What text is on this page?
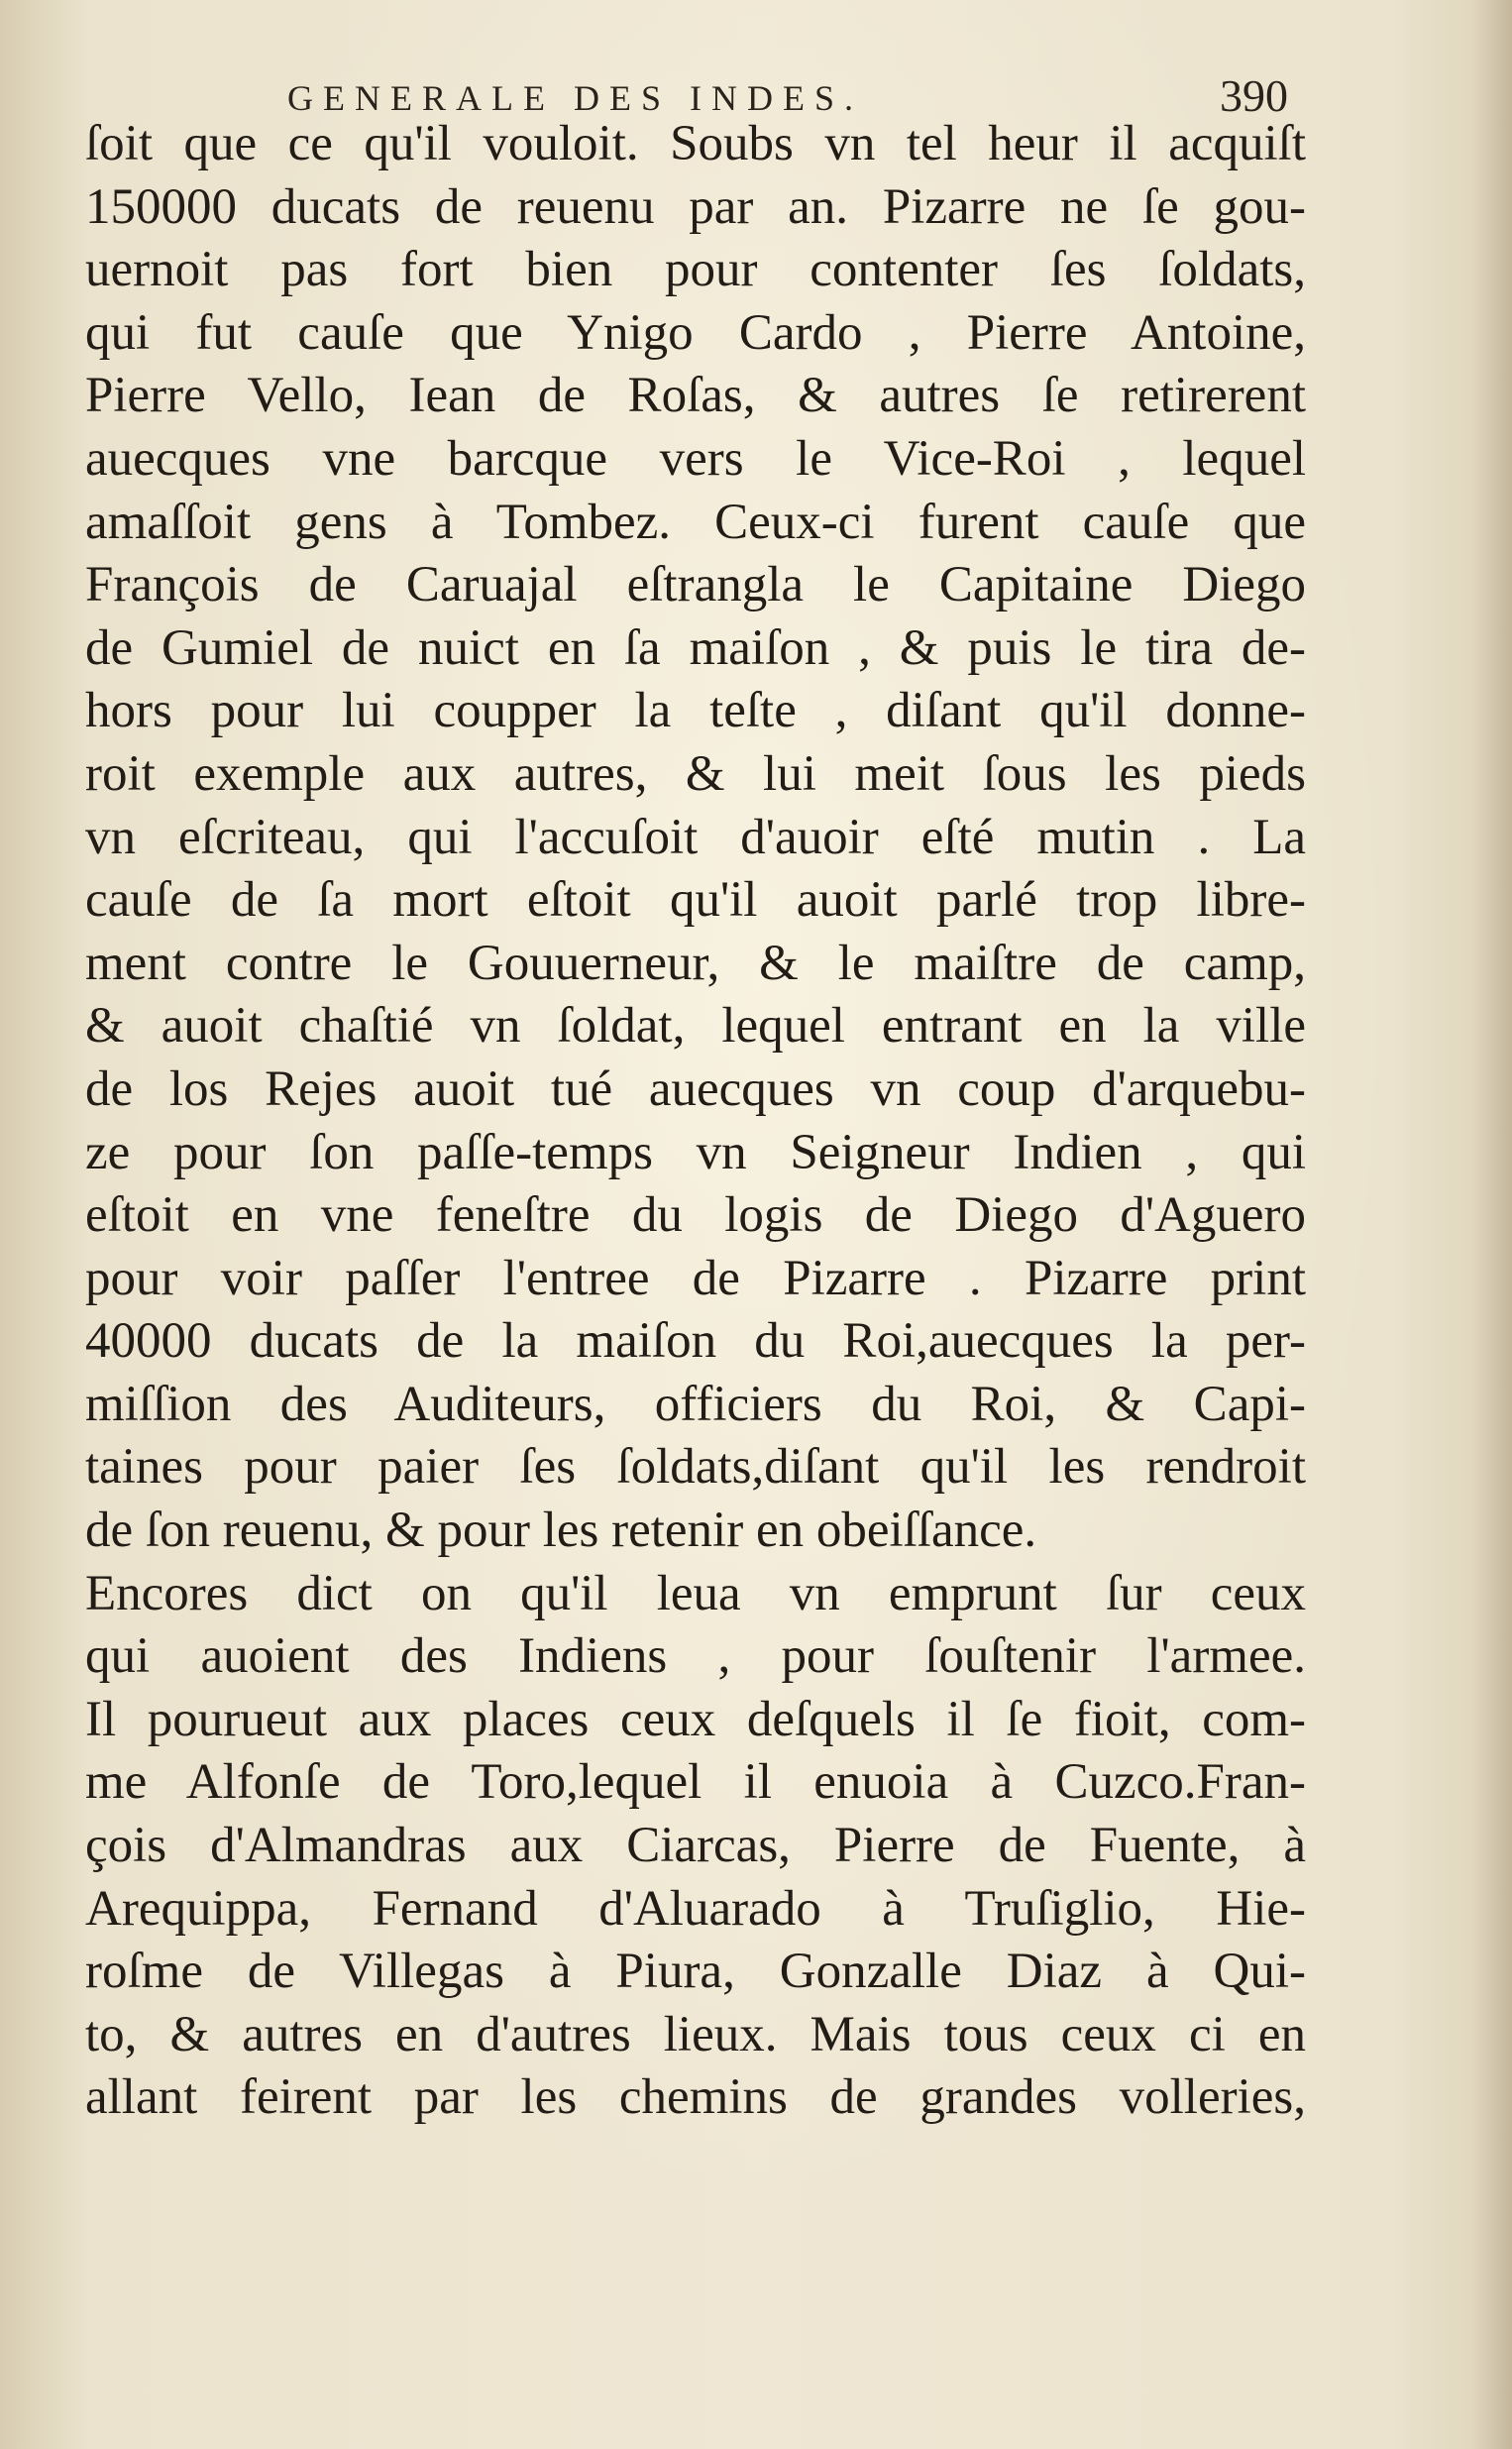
GENERALE DES INDES.	390
ſoit que ce qu'il vouloit. Soubs vn tel heur il acquiſt
150000 ducats de reuenu par an. Pizarre ne ſe gou-
uernoit pas fort bien pour contenter ſes ſoldats,
qui fut cauſe que Ynigo Cardo , Pierre Antoine,
Pierre Vello, Iean de Roſas, & autres ſe retirerent
auecques vne barcque vers le Vice-Roi , lequel
amaſſoit gens à Tombez. Ceux-ci furent cauſe que
François de Caruajal eſtrangla le Capitaine Diego
de Gumiel de nuict en ſa maiſon , & puis le tira de-
hors pour lui coupper la teſte , diſant qu'il donne-
roit exemple aux autres, & lui meit ſous les pieds
vn eſcriteau, qui l'accuſoit d'auoir eſté mutin . La
cauſe de ſa mort eſtoit qu'il auoit parlé trop libre-
ment contre le Gouuerneur, & le maiſtre de camp,
& auoit chaſtié vn ſoldat, lequel entrant en la ville
de los Rejes auoit tué auecques vn coup d'arquebu-
ze pour ſon paſſe-temps vn Seigneur Indien , qui
eſtoit en vne feneſtre du logis de Diego d'Aguero
pour voir paſſer l'entree de Pizarre . Pizarre print
40000 ducats de la maiſon du Roi,auecques la per-
miſſion des Auditeurs, officiers du Roi, & Capi-
taines pour paier ſes ſoldats,diſant qu'il les rendroit
de ſon reuenu, & pour les retenir en obeiſſance.
Encores dict on qu'il leua vn emprunt ſur ceux
qui auoient des Indiens , pour ſouſtenir l'armee.
Il pourueut aux places ceux deſquels il ſe fioit, com-
me Alfonſe de Toro,lequel il enuoia à Cuzco.Fran-
çois d'Almandras aux Ciarcas, Pierre de Fuente, à
Arequippa, Fernand d'Aluarado à Truſiglio, Hie-
roſme de Villegas à Piura, Gonzalle Diaz à Qui-
to, & autres en d'autres lieux. Mais tous ceux ci en
allant feirent par les chemins de grandes volleries,
